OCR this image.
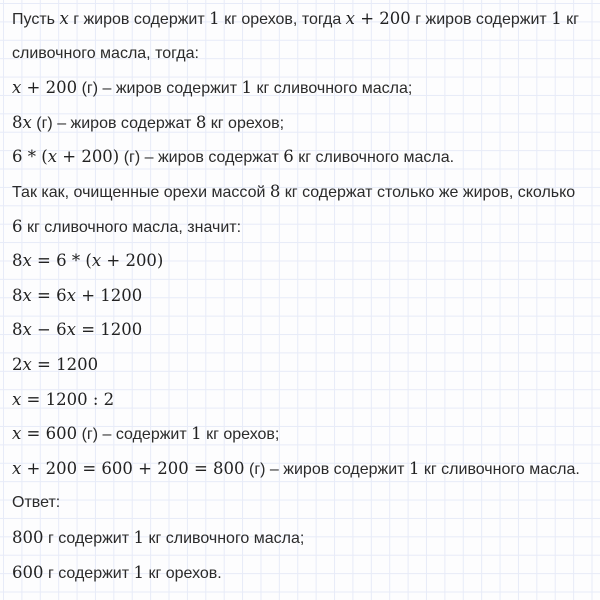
Пусть x г жиров содержит 1 кг орехов, тогда x + 200 г жиров содержит 1 кг
сливочного масла, тогда:
x + 200 (г) – жиров содержит 1 кг сливочного масла;
8x (г) – жиров содержат 8 кг орехов;
6 * (x + 200) (г) – жиров содержат 6 кг сливочного масла.
Так как, очищенные орехи массой 8 кг содержат столько же жиров, сколько
6 кг сливочного масла, значит:
8x = 6 * (x + 200)
8x = 6x + 1200
8x − 6x = 1200
2x = 1200
x = 1200 : 2
x = 600 (г) – содержит 1 кг орехов;
x + 200 = 600 + 200 = 800 (г) – жиров содержит 1 кг сливочного масла.
Ответ:
800 г содержит 1 кг сливочного масла;
600 г содержит 1 кг орехов.
